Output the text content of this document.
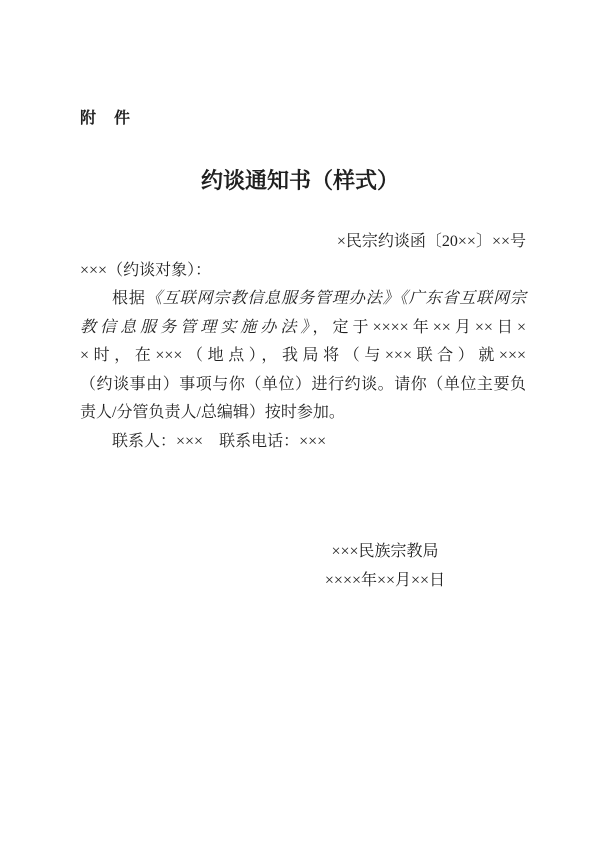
附　件
约谈通知书（样式）
×民宗约谈函〔20××〕××号
×××（约谈对象）：
根据《互联网宗教信息服务管理办法》《广东省互联网宗
教信息服务管理实施办法》，定于××××年××月××日×
×时，在×××（地点），我局将（与×××联合）就×××
（约谈事由）事项与你（单位）进行约谈。请你（单位主要负
责人/分管负责人/总编辑）按时参加。
联系人：×××　联系电话：×××
×××民族宗教局
××××年××月××日
